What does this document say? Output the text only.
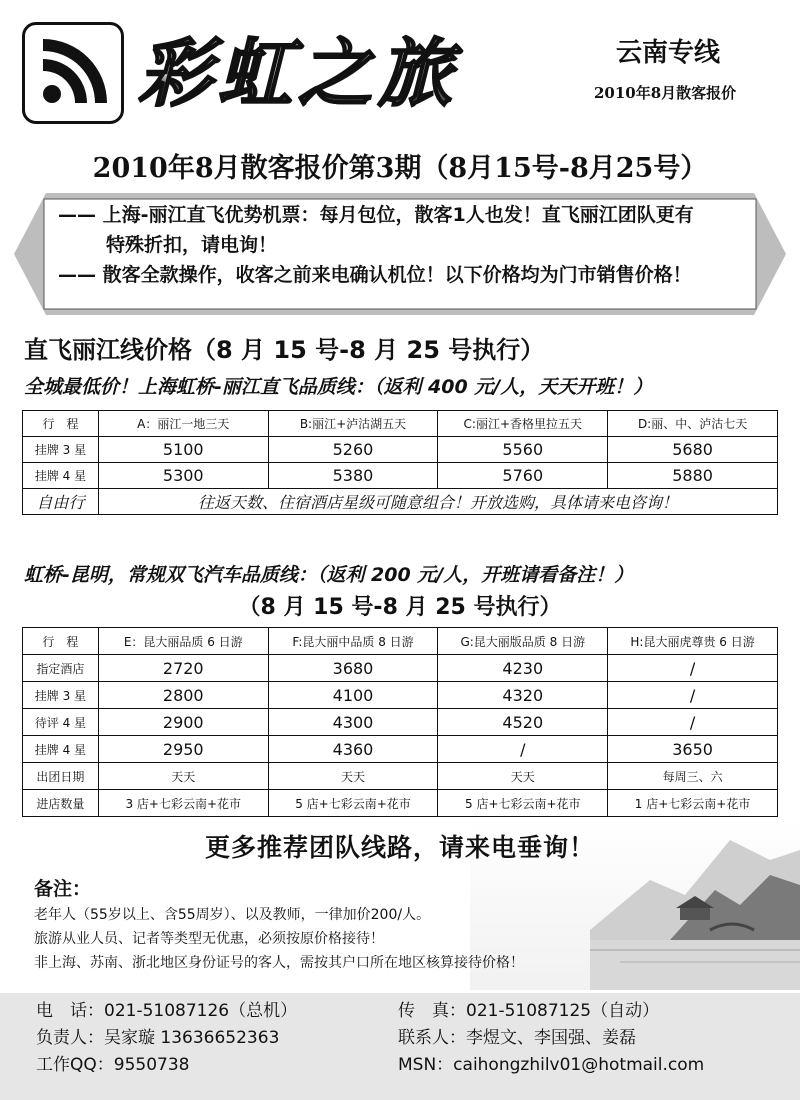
彩虹之旅	云南专线
2010年8月散客报价
2010年8月散客报价第3期（8月15号-8月25号）
—— 上海-丽江直飞优势机票：每月包位，散客1人也发！直飞丽江团队更有
特殊折扣，请电询！
—— 散客全款操作，收客之前来电确认机位！以下价格均为门市销售价格！
直飞丽江线价格（8 月 15 号-8 月 25 号执行）
全城最低价！上海虹桥-丽江直飞品质线：（返利 400 元/人，天天开班！）
行　程	A：丽江一地三天	B:丽江+泸沽湖五天	C:丽江+香格里拉五天	D:丽、中、泸沽七天
挂牌 3 星	5100	5260	5560	5680
挂牌 4 星	5300	5380	5760	5880
自由行	往返天数、住宿酒店星级可随意组合！开放选购，具体请来电咨询！			
虹桥-昆明，常规双飞汽车品质线：（返利 200 元/人，开班请看备注！）
（8 月 15 号-8 月 25 号执行）
行　程	E：昆大丽品质 6 日游	F:昆大丽中品质 8 日游	G:昆大丽版品质 8 日游	H:昆大丽虎尊贵 6 日游
指定酒店	2720	3680	4230	/
挂牌 3 星	2800	4100	4320	/
待评 4 星	2900	4300	4520	/
挂牌 4 星	2950	4360	/	3650
出团日期	天天	天天	天天	每周三、六
进店数量	3 店+七彩云南+花市	5 店+七彩云南+花市	5 店+七彩云南+花市	1 店+七彩云南+花市
更多推荐团队线路，请来电垂询！
备注：
老年人（55岁以上、含55周岁）、以及教师，一律加价200/人。
旅游从业人员、记者等类型无优惠，必须按原价格接待！
非上海、苏南、浙北地区身份证号的客人，需按其户口所在地区核算接待价格！
电　话：021-51087126（总机）
负责人：吴家璇 13636652363
工作QQ：9550738
传　真：021-51087125（自动）
联系人：李煜文、李国强、姜磊
MSN：caihongzhilv01@hotmail.com
